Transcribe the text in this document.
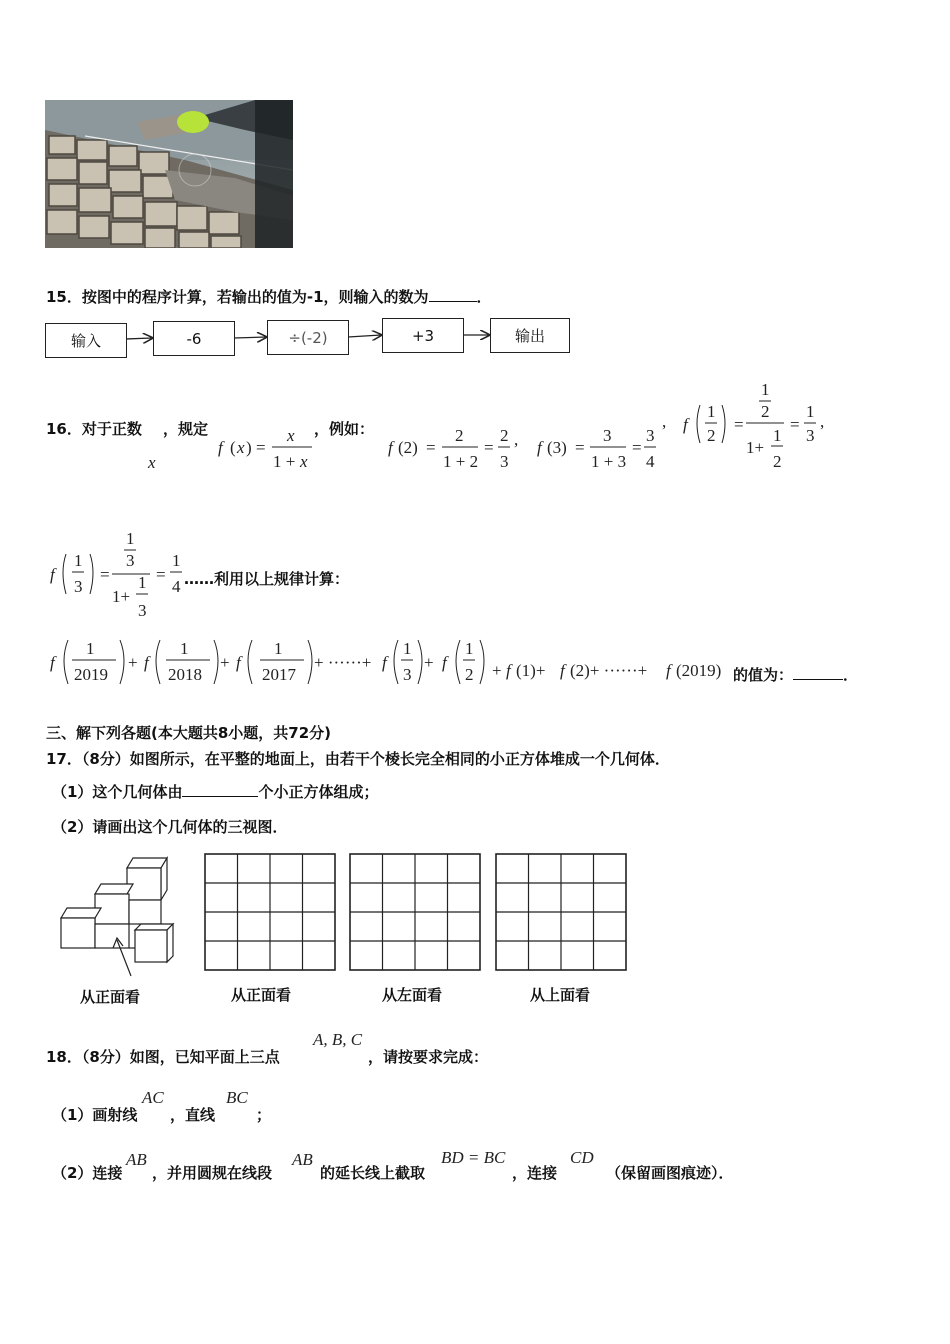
15．按图中的程序计算，若输出的值为-1，则输入的数为	．
输入	-6	÷(-2)	+3	输出
16．对于正数
x
，规定	，例如：
f ( x ) =
x
1 + x
f (2) =
2
1 + 2
=
2
3
, f (3) =
3
1 + 3
=
3
4
, f
1
2
=
1
2
1+
1
2
=
1
3
,
f
1
3
=
1
3
1+
1
3
=
1
4 ……利用以上规律计算：
f
1
2019
+ f
1
2018
+ f
1
2017
+ ······+ f
1
3
+ f
1
2 + f (1)+ f (2)+ ······+ f (2019) 的值为：	．
三、解下列各题(本大题共8小题，共72分)
17．（8分）如图所示，在平整的地面上，由若干个棱长完全相同的小正方体堆成一个几何体．
（1）这个几何体由	个小正方体组成；
（2）请画出这个几何体的三视图．
从正面看	从正面看	从左面看	从上面看
18．（8分）如图，已知平面上三点
A, B, C
，请按要求完成：
（1）画射线
AC
，直线
BC
；
（2）连接
AB
，并用圆规在线段
AB
的延长线上截取
BD = BC
，连接
CD
（保留画图痕迹）．
